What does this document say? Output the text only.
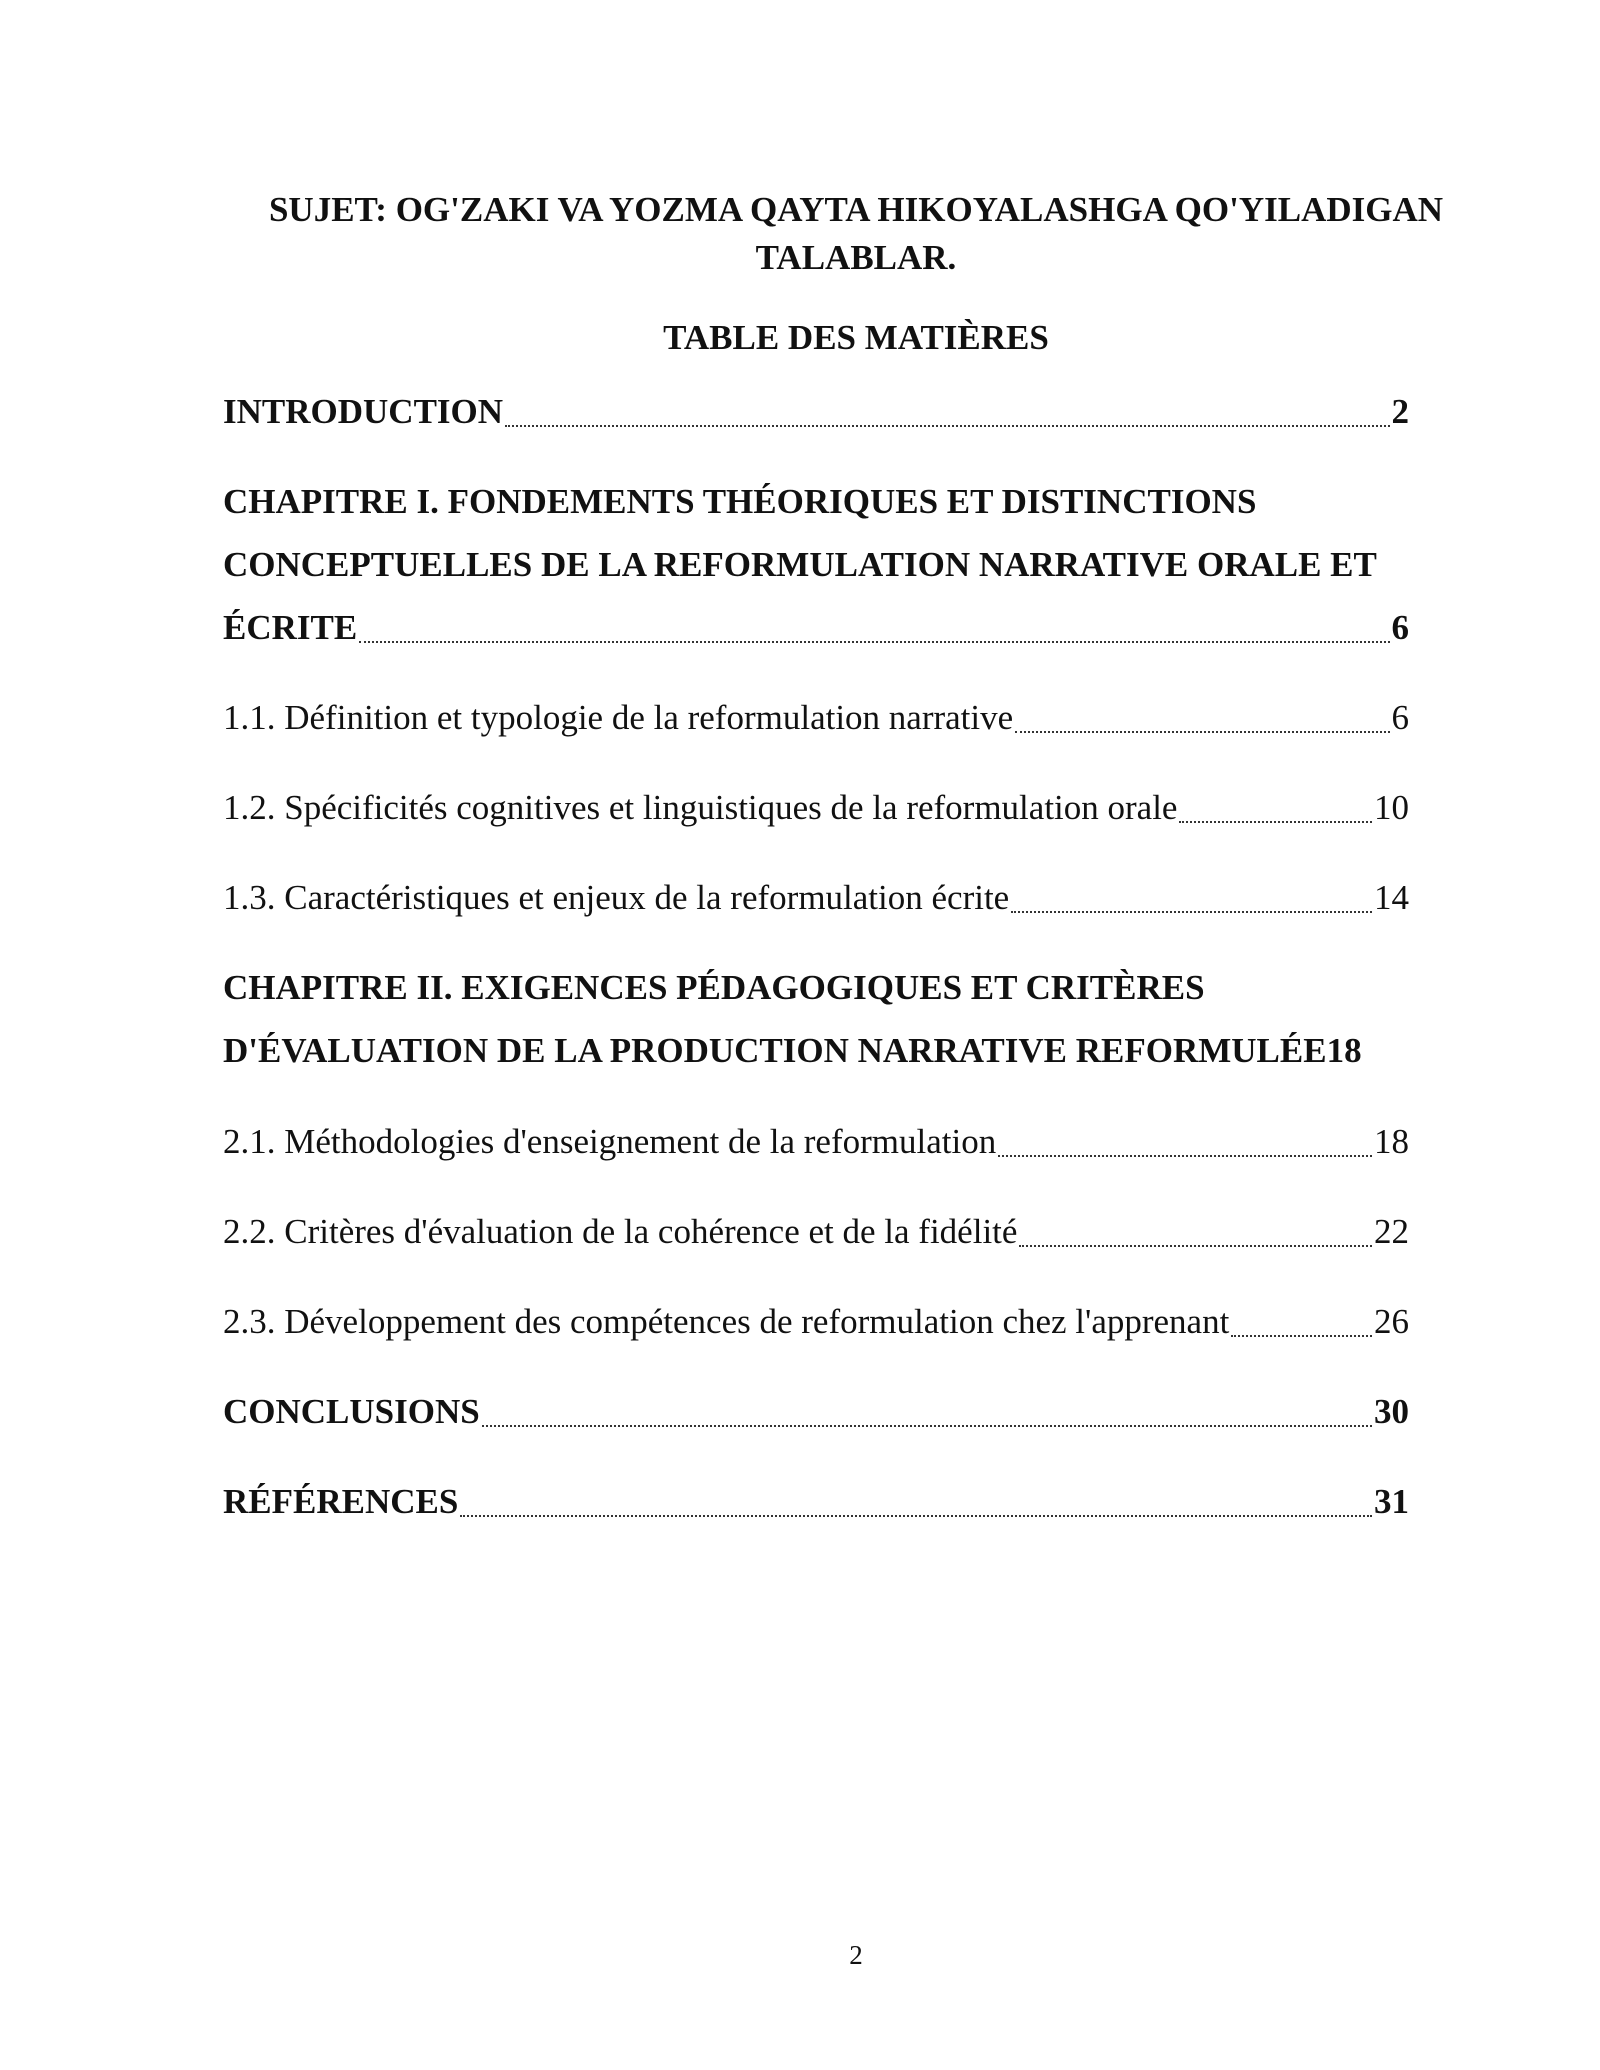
SUJET: OG'ZAKI VA YOZMA QAYTA HIKOYALASHGA QO'YILADIGAN
TALABLAR.
TABLE DES MATIÈRES
INTRODUCTION	2
CHAPITRE I. FONDEMENTS THÉORIQUES ET DISTINCTIONS
CONCEPTUELLES DE LA REFORMULATION NARRATIVE ORALE ET
ÉCRITE	6
1.1. Définition et typologie de la reformulation narrative	6
1.2. Spécificités cognitives et linguistiques de la reformulation orale	10
1.3. Caractéristiques et enjeux de la reformulation écrite	14
CHAPITRE II. EXIGENCES PÉDAGOGIQUES ET CRITÈRES
D'ÉVALUATION DE LA PRODUCTION NARRATIVE REFORMULÉE 18
2.1. Méthodologies d'enseignement de la reformulation	18
2.2. Critères d'évaluation de la cohérence et de la fidélité	22
2.3. Développement des compétences de reformulation chez l'apprenant	26
CONCLUSIONS	30
RÉFÉRENCES	31
2
